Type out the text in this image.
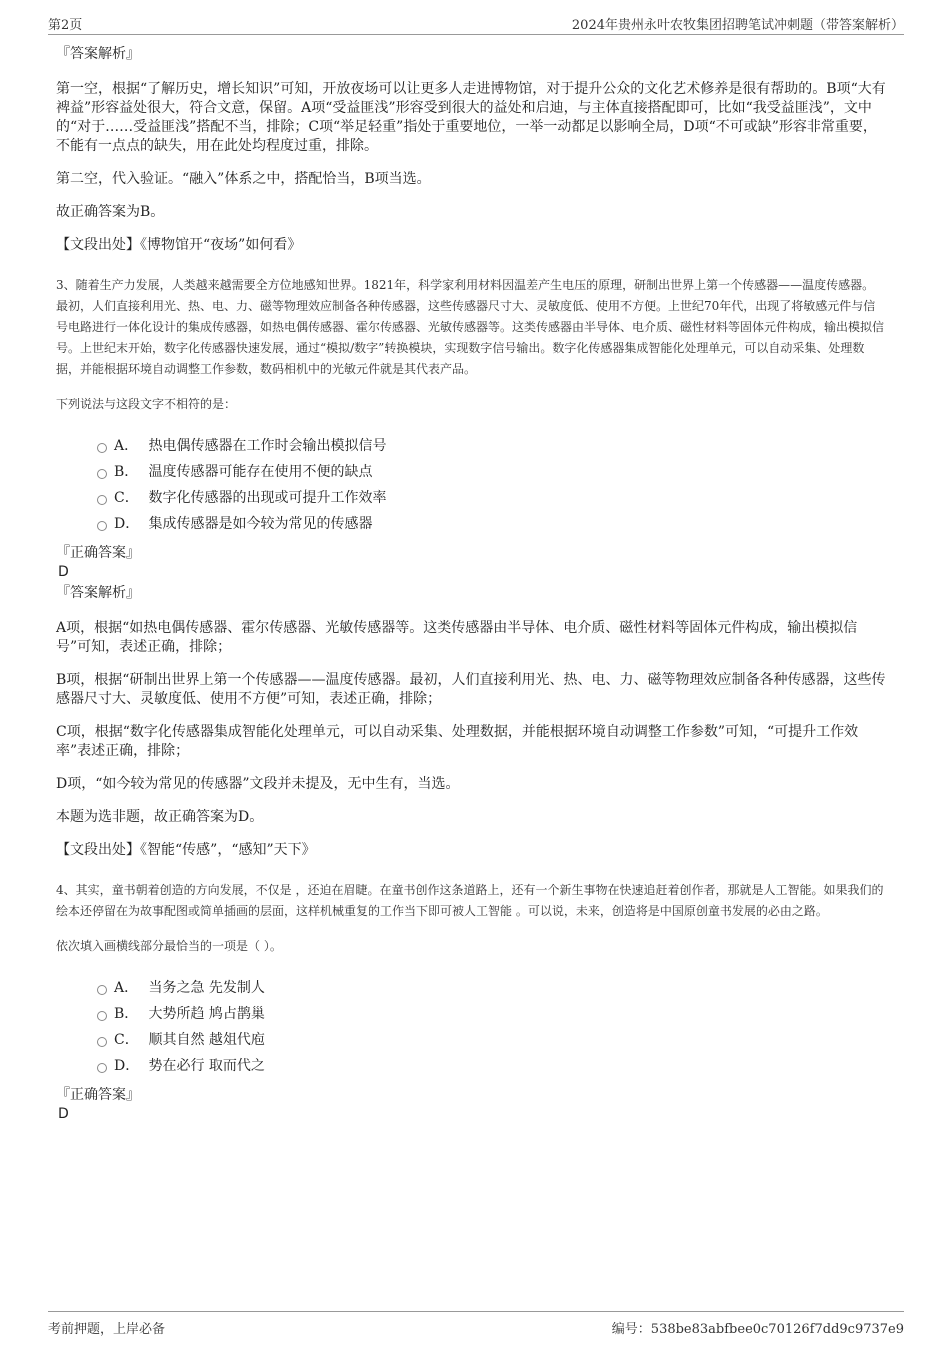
第2页	2024年贵州永叶农牧集团招聘笔试冲刺题（带答案解析）

『答案解析』

第一空，根据“了解历史，增长知识”可知，开放夜场可以让更多人走进博物馆，对于提升公众的文化艺术修养是很有帮助的。B项“大有裨益”形容益处很大，符合文意，保留。A项“受益匪浅”形容受到很大的益处和启迪，与主体直接搭配即可，比如“我受益匪浅”，文中的“对于……受益匪浅”搭配不当，排除；C项“举足轻重”指处于重要地位，一举一动都足以影响全局，D项“不可或缺”形容非常重要，不能有一点点的缺失，用在此处均程度过重，排除。

第二空，代入验证。“融入”体系之中，搭配恰当，B项当选。

故正确答案为B。

【文段出处】《博物馆开“夜场”如何看》

3、随着生产力发展，人类越来越需要全方位地感知世界。1821年，科学家利用材料因温差产生电压的原理，研制出世界上第一个传感器——温度传感器。最初，人们直接利用光、热、电、力、磁等物理效应制备各种传感器，这些传感器尺寸大、灵敏度低、使用不方便。上世纪70年代，出现了将敏感元件与信号电路进行一体化设计的集成传感器，如热电偶传感器、霍尔传感器、光敏传感器等。这类传感器由半导体、电介质、磁性材料等固体元件构成，输出模拟信号。上世纪末开始，数字化传感器快速发展，通过“模拟/数字”转换模块，实现数字信号输出。数字化传感器集成智能化处理单元，可以自动采集、处理数据，并能根据环境自动调整工作参数，数码相机中的光敏元件就是其代表产品。

下列说法与这段文字不相符的是：

A． 热电偶传感器在工作时会输出模拟信号
B． 温度传感器可能存在使用不便的缺点
C． 数字化传感器的出现或可提升工作效率
D． 集成传感器是如今较为常见的传感器

『正确答案』

D

『答案解析』

A项，根据“如热电偶传感器、霍尔传感器、光敏传感器等。这类传感器由半导体、电介质、磁性材料等固体元件构成，输出模拟信号”可知，表述正确，排除；

B项，根据“研制出世界上第一个传感器——温度传感器。最初，人们直接利用光、热、电、力、磁等物理效应制备各种传感器，这些传感器尺寸大、灵敏度低、使用不方便”可知，表述正确，排除；

C项，根据“数字化传感器集成智能化处理单元，可以自动采集、处理数据，并能根据环境自动调整工作参数”可知，“可提升工作效率”表述正确，排除；

D项，“如今较为常见的传感器”文段并未提及，无中生有，当选。

本题为选非题，故正确答案为D。

【文段出处】《智能“传感”，“感知”天下》

4、其实，童书朝着创造的方向发展，不仅是 ，还迫在眉睫。在童书创作这条道路上，还有一个新生事物在快速追赶着创作者，那就是人工智能。如果我们的绘本还停留在为故事配图或简单插画的层面，这样机械重复的工作当下即可被人工智能 。可以说，未来，创造将是中国原创童书发展的必由之路。

依次填入画横线部分最恰当的一项是（ ）。

A． 当务之急 先发制人
B． 大势所趋 鸠占鹊巢
C． 顺其自然 越俎代庖
D． 势在必行 取而代之

『正确答案』

D

考前押题，上岸必备	编号：538be83abfbee0c70126f7dd9c9737e9
